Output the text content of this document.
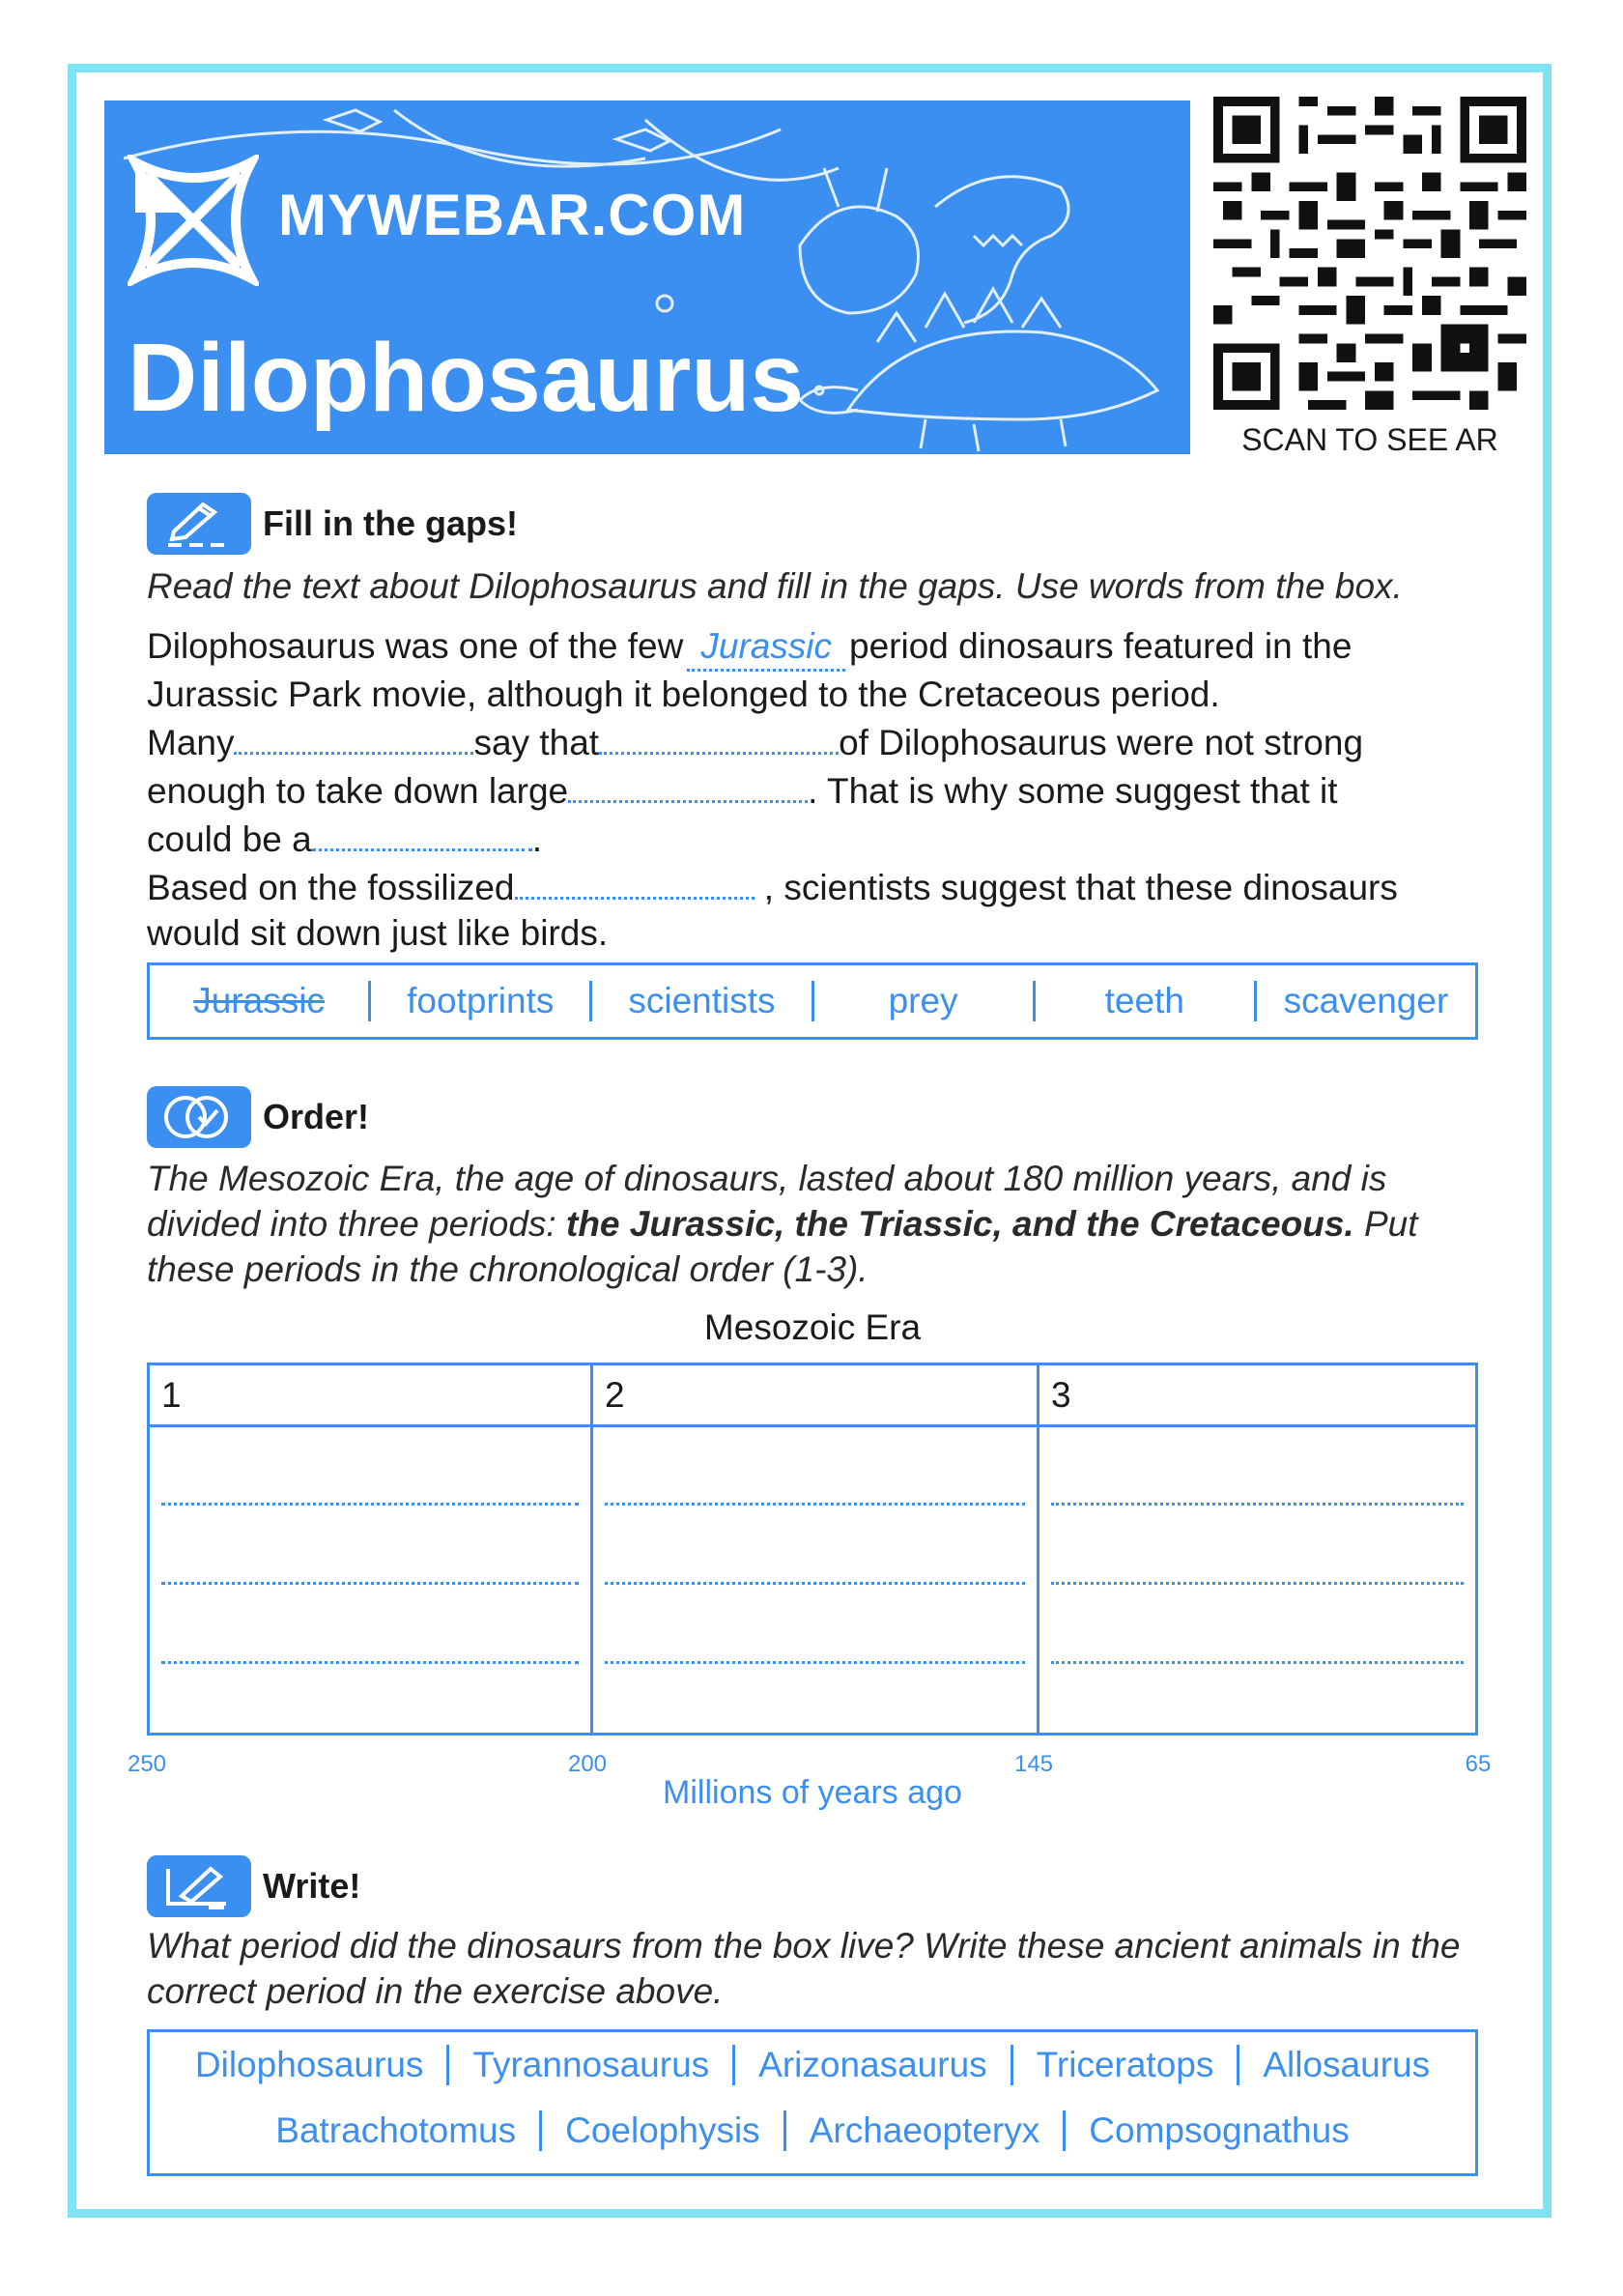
MYWEBAR.COM
Dilophosaurus
SCAN TO SEE AR
Fill in the gaps!
Read the text about Dilophosaurus and fill in the gaps. Use words from the box.
Dilophosaurus was one of the few Jurassic period dinosaurs featured in the
Jurassic Park movie, although it belonged to the Cretaceous period.
Many	say that	of Dilophosaurus were not strong
enough to take down large	. That is why some suggest that it
could be a	.
Based on the fossilized	, scientists suggest that these dinosaurs
would sit down just like birds.
Jurassic	footprints	scientists	prey	teeth	scavenger
Order!
The Mesozoic Era, the age of dinosaurs, lasted about 180 million years, and is divided into three periods: the Jurassic, the Triassic, and the Cretaceous. Put these periods in the chronological order (1-3).
Mesozoic Era
1	2	3
250	200	145	65
Millions of years ago
Write!
What period did the dinosaurs from the box live? Write these ancient animals in the correct period in the exercise above.
Dilophosaurus	Tyrannosaurus	Arizonasaurus	Triceratops	Allosaurus
Batrachotomus	Coelophysis	Archaeopteryx	Compsognathus
